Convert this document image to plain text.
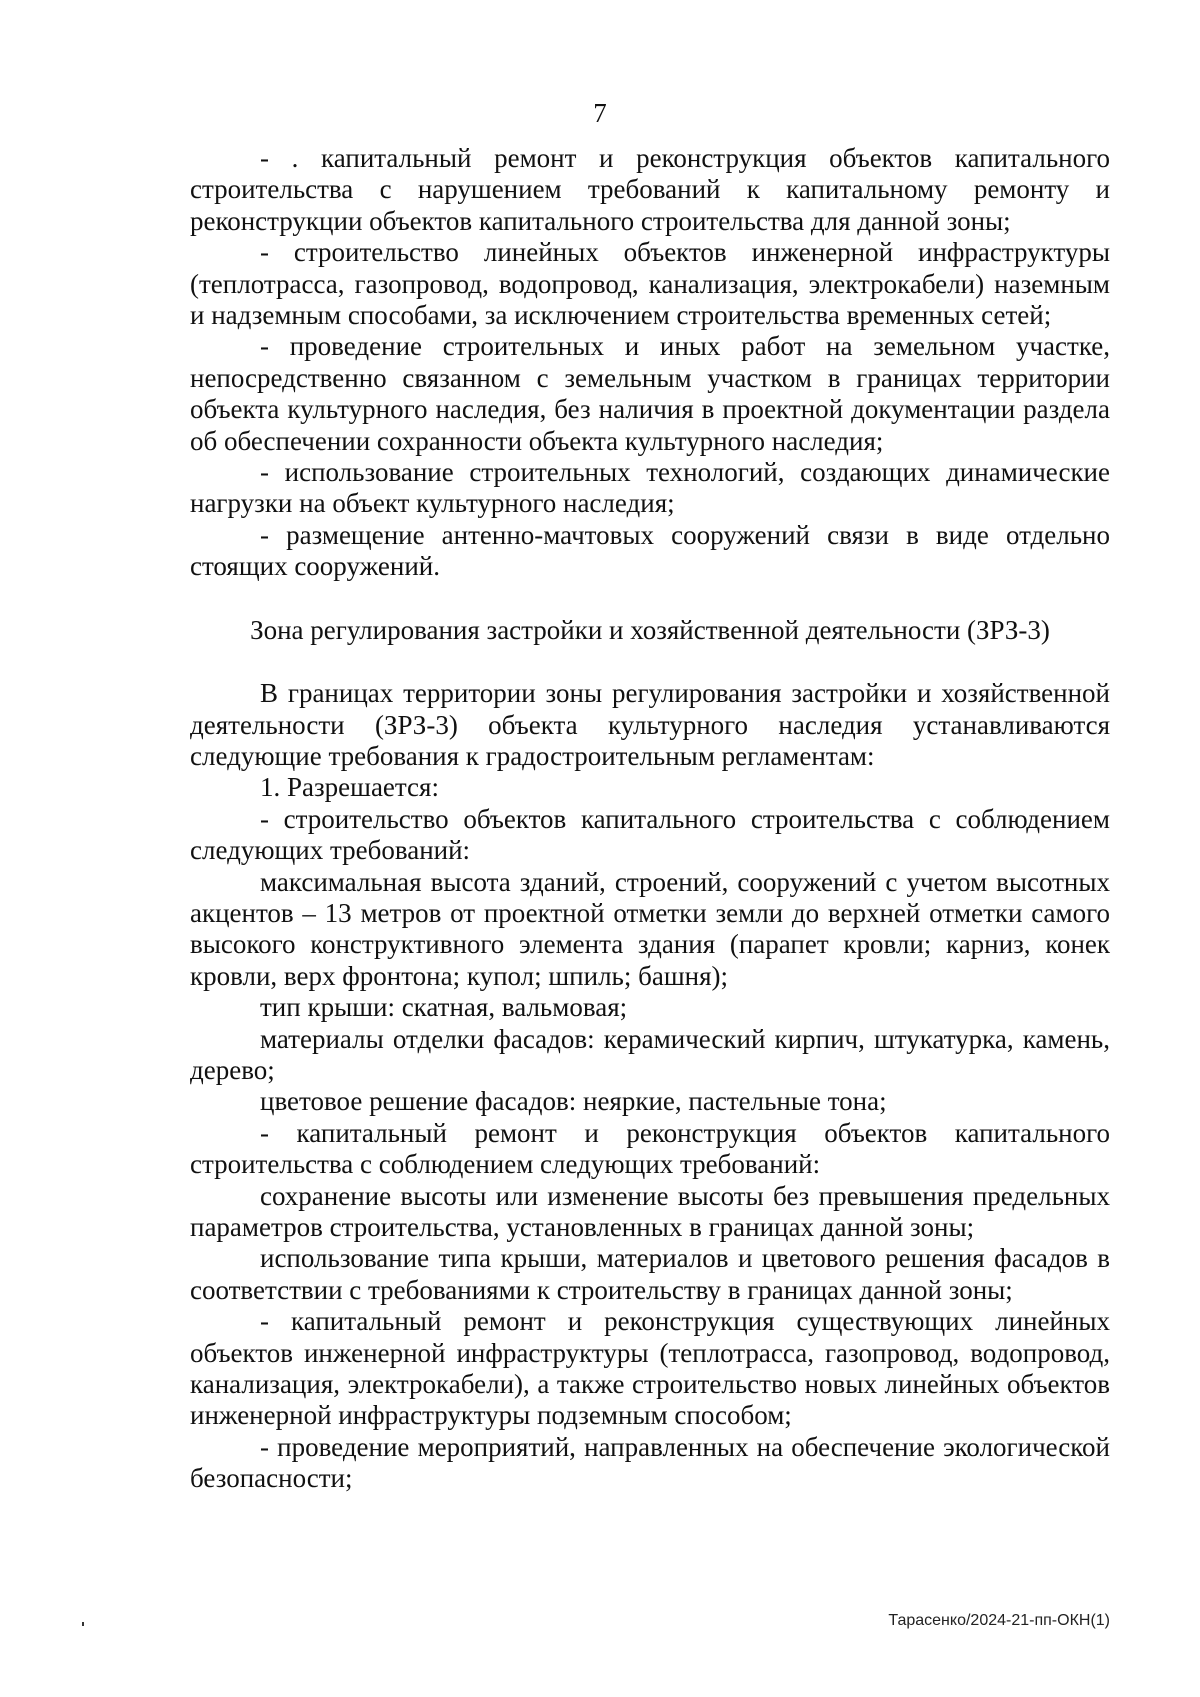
7

- . капитальный ремонт и реконструкция объектов капитального строительства с нарушением требований к капитальному ремонту и реконструкции объектов капитального строительства для данной зоны;

- строительство линейных объектов инженерной инфраструктуры (теплотрасса, газопровод, водопровод, канализация, электрокабели) наземным и надземным способами, за исключением строительства временных сетей;

- проведение строительных и иных работ на земельном участке, непосредственно связанном с земельным участком в границах территории объекта культурного наследия, без наличия в проектной документации раздела об обеспечении сохранности объекта культурного наследия;

- использование строительных технологий, создающих динамические нагрузки на объект культурного наследия;

- размещение антенно-мачтовых сооружений связи в виде отдельно стоящих сооружений.

Зона регулирования застройки и хозяйственной деятельности (ЗРЗ-3)

В границах территории зоны регулирования застройки и хозяйственной деятельности (ЗРЗ-3) объекта культурного наследия устанавливаются следующие требования к градостроительным регламентам:

1. Разрешается:

- строительство объектов капитального строительства с соблюдением следующих требований:

максимальная высота зданий, строений, сооружений с учетом высотных акцентов – 13 метров от проектной отметки земли до верхней отметки самого высокого конструктивного элемента здания (парапет кровли; карниз, конек кровли, верх фронтона; купол; шпиль; башня);

тип крыши: скатная, вальмовая;

материалы отделки фасадов: керамический кирпич, штукатурка, камень, дерево;

цветовое решение фасадов: неяркие, пастельные тона;

- капитальный ремонт и реконструкция объектов капитального строительства с соблюдением следующих требований:

сохранение высоты или изменение высоты без превышения предельных параметров строительства, установленных в границах данной зоны;

использование типа крыши, материалов и цветового решения фасадов в соответствии с требованиями к строительству в границах данной зоны;

- капитальный ремонт и реконструкция существующих линейных объектов инженерной инфраструктуры (теплотрасса, газопровод, водопровод, канализация, электрокабели), а также строительство новых линейных объектов инженерной инфраструктуры подземным способом;

- проведение мероприятий, направленных на обеспечение экологической безопасности;

Тарасенко/2024-21-пп-ОКН(1)
